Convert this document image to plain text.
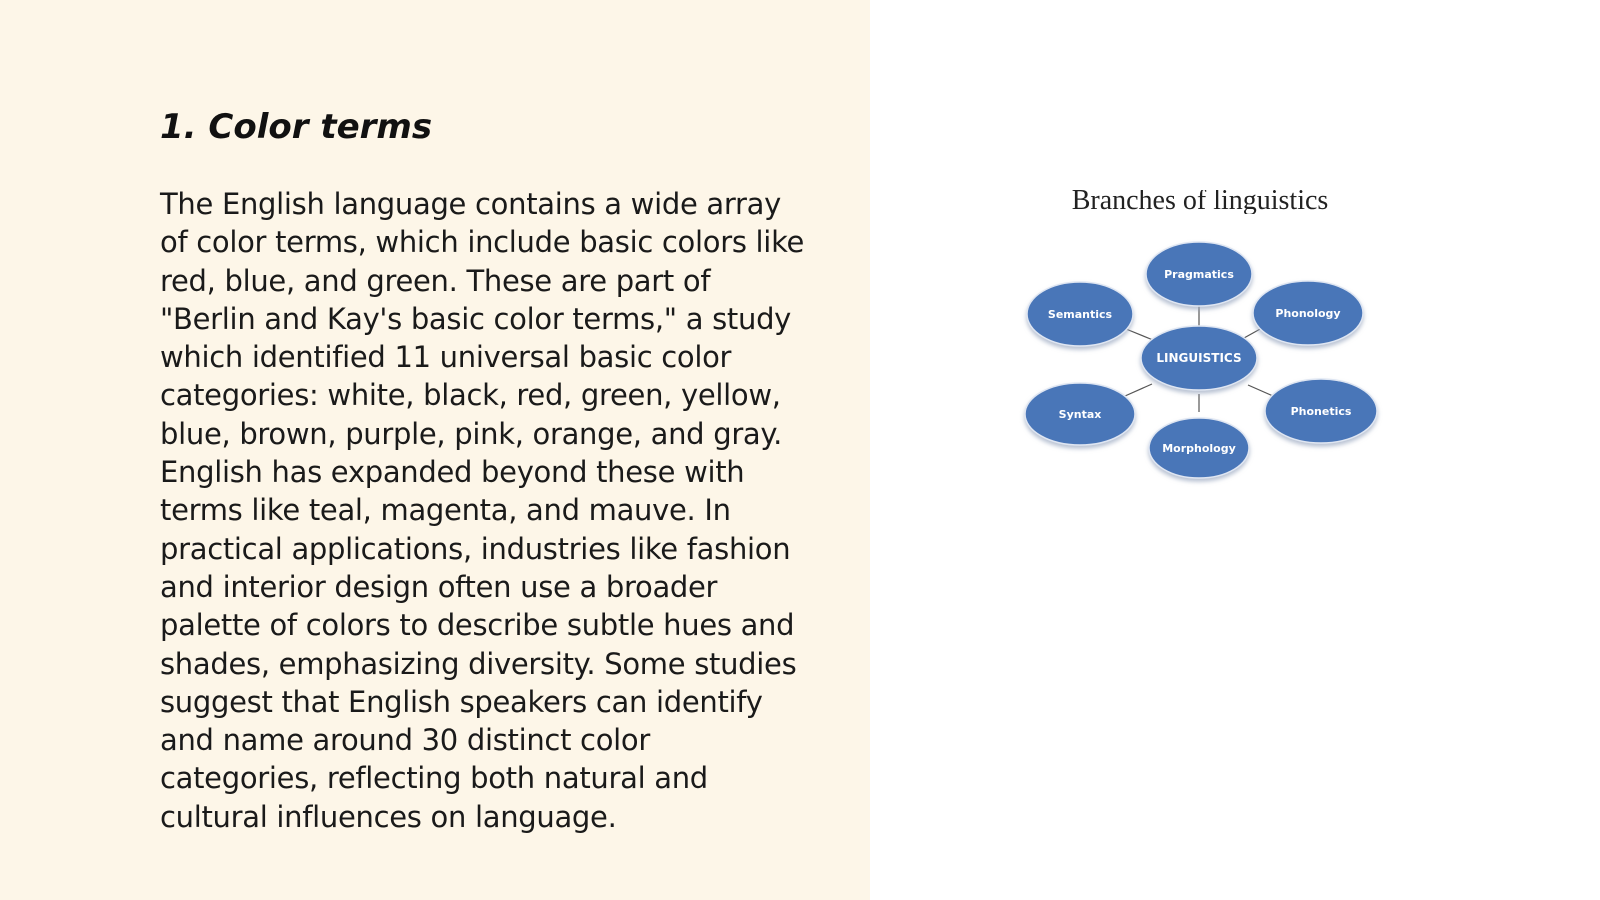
1. Color terms

The English language contains a wide array
of color terms, which include basic colors like
red, blue, and green. These are part of
"Berlin and Kay's basic color terms," a study
which identified 11 universal basic color
categories: white, black, red, green, yellow,
blue, brown, purple, pink, orange, and gray.
English has expanded beyond these with
terms like teal, magenta, and mauve. In
practical applications, industries like fashion
and interior design often use a broader
palette of colors to describe subtle hues and
shades, emphasizing diversity. Some studies
suggest that English speakers can identify
and name around 30 distinct color
categories, reflecting both natural and
cultural influences on language.

Branches of linguistics
Pragmatics
Phonology
Phonetics
Morphology
Syntax
Semantics
LINGUISTICS
